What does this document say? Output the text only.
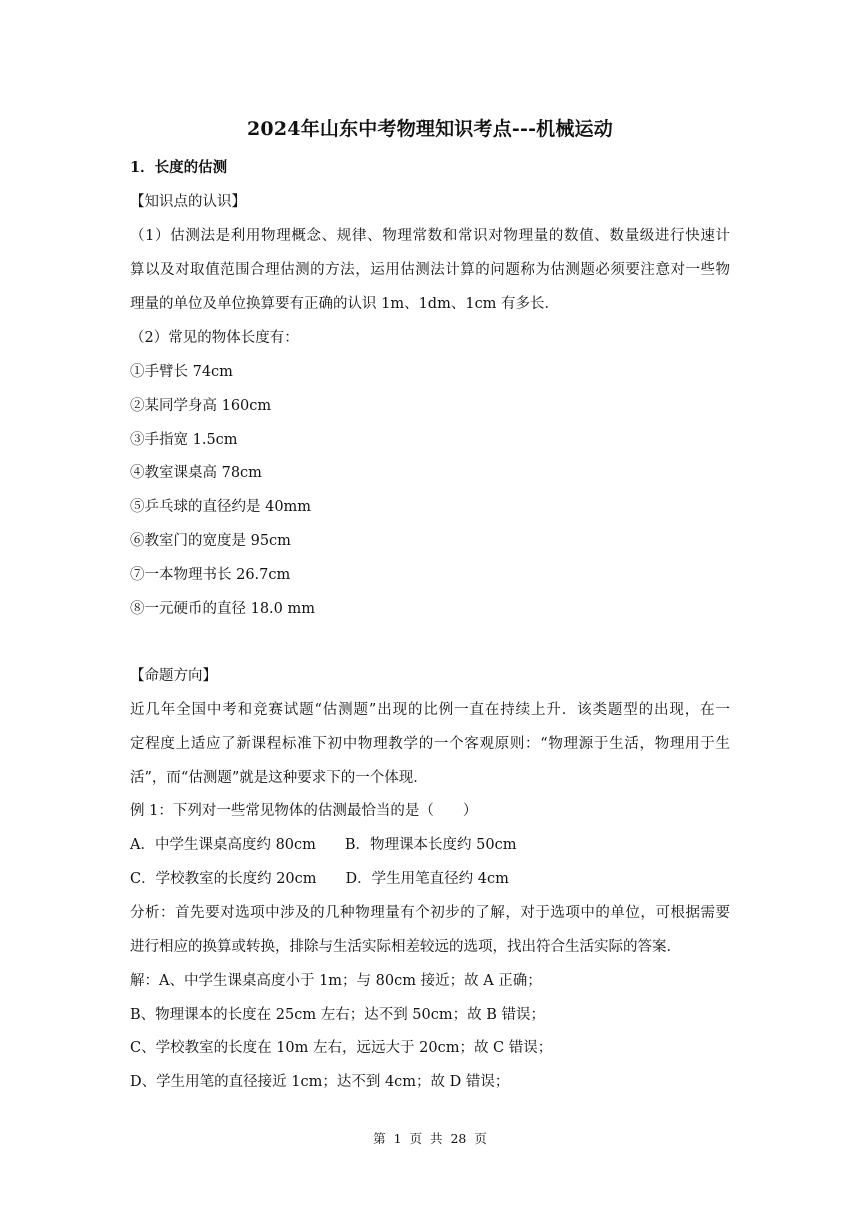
2024年山东中考物理知识考点---机械运动
1．长度的估测
【知识点的认识】
（1）估测法是利用物理概念、规律、物理常数和常识对物理量的数值、数量级进行快速计
算以及对取值范围合理估测的方法，运用估测法计算的问题称为估测题必须要注意对一些物
理量的单位及单位换算要有正确的认识 1m、1dm、1cm 有多长．
（2）常见的物体长度有：
①手臂长 74cm
②某同学身高 160cm
③手指宽 1.5cm
④教室课桌高 78cm
⑤乒乓球的直径约是 40mm
⑥教室门的宽度是 95cm
⑦一本物理书长 26.7cm
⑧一元硬币的直径 18.0 mm
【命题方向】
近几年全国中考和竞赛试题“估测题”出现的比例一直在持续上升．该类题型的出现，在一
定程度上适应了新课程标准下初中物理教学的一个客观原则：“物理源于生活，物理用于生
活”，而“估测题”就是这种要求下的一个体现．
例 1：下列对一些常见物体的估测最恰当的是（　　）
A．中学生课桌高度约 80cm　　B．物理课本长度约 50cm
C．学校教室的长度约 20cm　　D．学生用笔直径约 4cm
分析：首先要对选项中涉及的几种物理量有个初步的了解，对于选项中的单位，可根据需要
进行相应的换算或转换，排除与生活实际相差较远的选项，找出符合生活实际的答案．
解：A、中学生课桌高度小于 1m；与 80cm 接近；故 A 正确；
B、物理课本的长度在 25cm 左右；达不到 50cm；故 B 错误；
C、学校教室的长度在 10m 左右，远远大于 20cm；故 C 错误；
D、学生用笔的直径接近 1cm；达不到 4cm；故 D 错误；
第 1 页 共 28 页
